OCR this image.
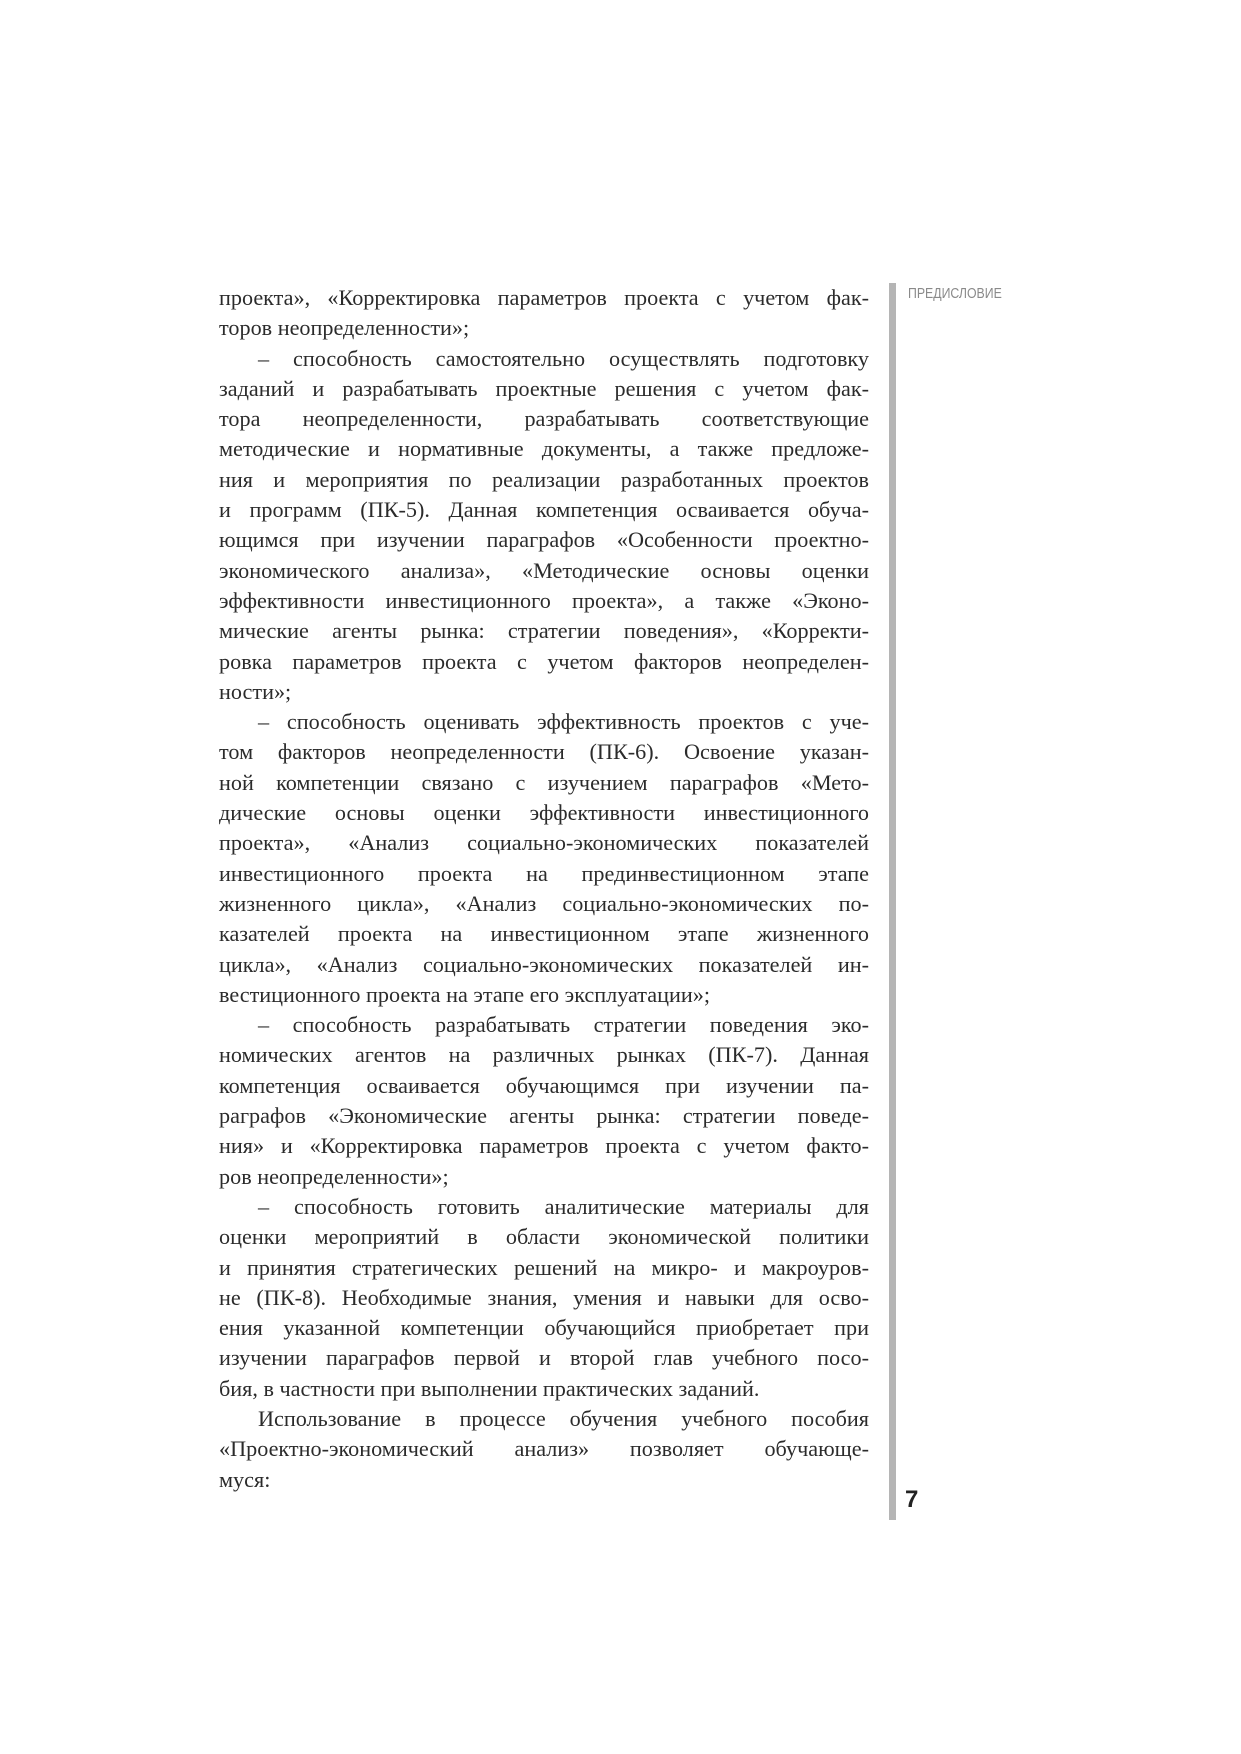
проекта», «Корректировка параметров проекта с учетом фак-
торов неопределенности»;
– способность самостоятельно осуществлять подготовку
заданий и разрабатывать проектные решения с учетом фак-
тора неопределенности, разрабатывать соответствующие
методические и нормативные документы, а также предложе-
ния и мероприятия по реализации разработанных проектов
и программ (ПК-5). Данная компетенция осваивается обуча-
ющимся при изучении параграфов «Особенности проектно-
экономического анализа», «Методические основы оценки
эффективности инвестиционного проекта», а также «Эконо-
мические агенты рынка: стратегии поведения», «Корректи-
ровка параметров проекта с учетом факторов неопределен-
ности»;
– способность оценивать эффективность проектов с уче-
том факторов неопределенности (ПК-6). Освоение указан-
ной компетенции связано с изучением параграфов «Мето-
дические основы оценки эффективности инвестиционного
проекта», «Анализ социально-экономических показателей
инвестиционного проекта на прединвестиционном этапе
жизненного цикла», «Анализ социально-экономических по-
казателей проекта на инвестиционном этапе жизненного
цикла», «Анализ социально-экономических показателей ин-
вестиционного проекта на этапе его эксплуатации»;
– способность разрабатывать стратегии поведения эко-
номических агентов на различных рынках (ПК-7). Данная
компетенция осваивается обучающимся при изучении па-
раграфов «Экономические агенты рынка: стратегии поведе-
ния» и «Корректировка параметров проекта с учетом факто-
ров неопределенности»;
– способность готовить аналитические материалы для
оценки мероприятий в области экономической политики
и принятия стратегических решений на микро- и макроуров-
не (ПК-8). Необходимые знания, умения и навыки для осво-
ения указанной компетенции обучающийся приобретает при
изучении параграфов первой и второй глав учебного посо-
бия, в частности при выполнении практических заданий.
Использование в процессе обучения учебного пособия
«Проектно-экономический анализ» позволяет обучающе-
муся:
ПРЕДИСЛОВИЕ
7
